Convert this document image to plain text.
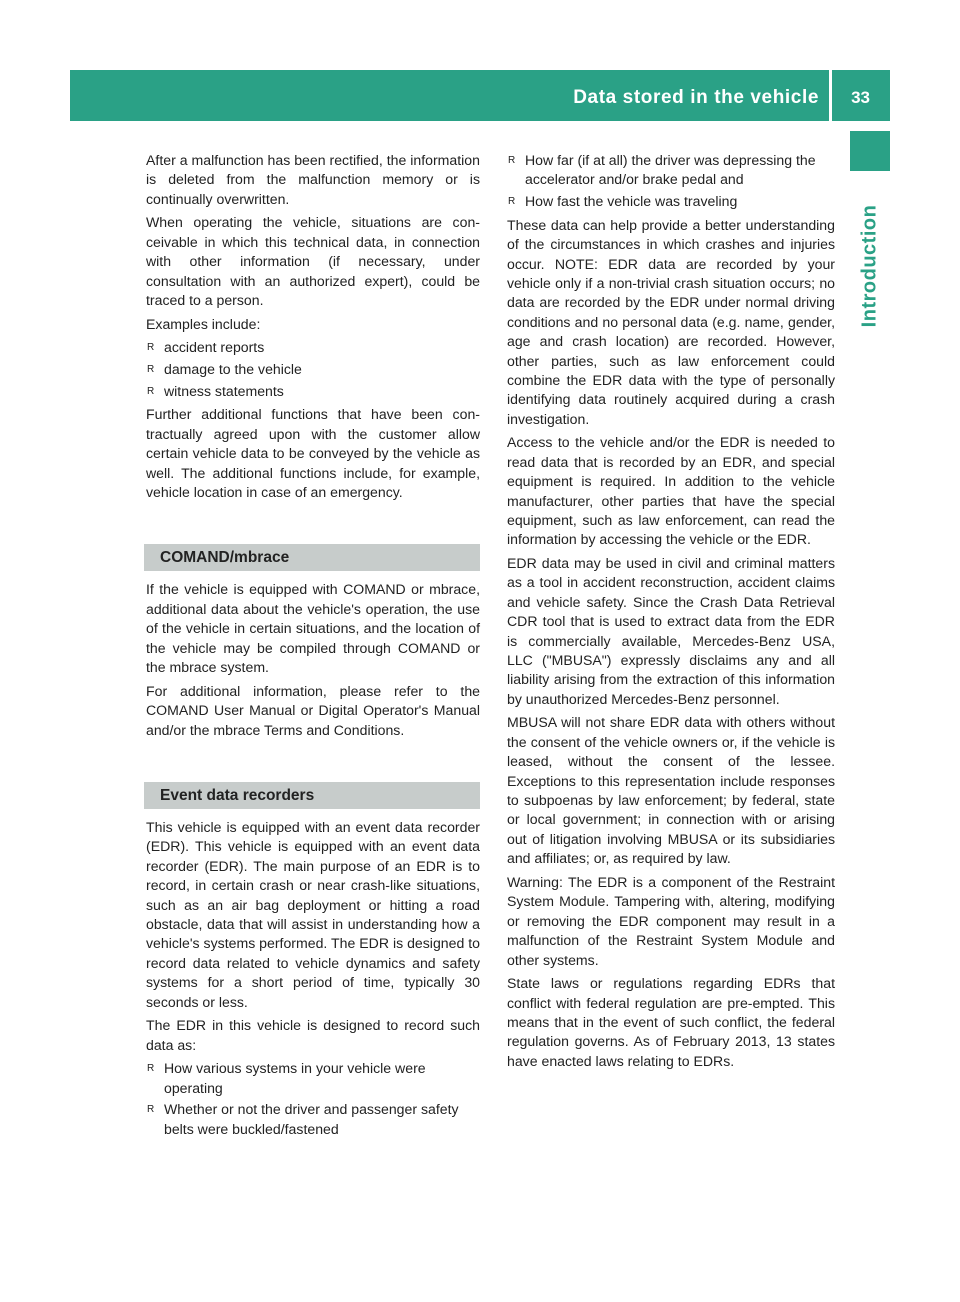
Data stored in the vehicle 33
Introduction

After a malfunction has been rectified, the information is deleted from the malfunction memory or is continually overwritten.

When operating the vehicle, situations are conceivable in which this technical data, in connection with other information (if necessary, under consultation with an authorized expert), could be traced to a person.

Examples include:

R accident reports
R damage to the vehicle
R witness statements

Further additional functions that have been contractually agreed upon with the customer allow certain vehicle data to be conveyed by the vehicle as well. The additional functions include, for example, vehicle location in case of an emergency.

COMAND/mbrace

If the vehicle is equipped with COMAND or mbrace, additional data about the vehicle's operation, the use of the vehicle in certain situations, and the location of the vehicle may be compiled through COMAND or the mbrace system.

For additional information, please refer to the COMAND User Manual or Digital Operator's Manual and/or the mbrace Terms and Conditions.

Event data recorders

This vehicle is equipped with an event data recorder (EDR). This vehicle is equipped with an event data recorder (EDR). The main purpose of an EDR is to record, in certain crash or near crash-like situations, such as an air bag deployment or hitting a road obstacle, data that will assist in understanding how a vehicle's systems performed. The EDR is designed to record data related to vehicle dynamics and safety systems for a short period of time, typically 30 seconds or less.

The EDR in this vehicle is designed to record such data as:

R How various systems in your vehicle were operating
R Whether or not the driver and passenger safety belts were buckled/fastened
R How far (if at all) the driver was depressing the accelerator and/or brake pedal and
R How fast the vehicle was traveling

These data can help provide a better understanding of the circumstances in which crashes and injuries occur. NOTE: EDR data are recorded by your vehicle only if a non-trivial crash situation occurs; no data are recorded by the EDR under normal driving conditions and no personal data (e.g. name, gender, age and crash location) are recorded. However, other parties, such as law enforcement could combine the EDR data with the type of personally identifying data routinely acquired during a crash investigation.

Access to the vehicle and/or the EDR is needed to read data that is recorded by an EDR, and special equipment is required. In addition to the vehicle manufacturer, other parties that have the special equipment, such as law enforcement, can read the information by accessing the vehicle or the EDR.

EDR data may be used in civil and criminal matters as a tool in accident reconstruction, accident claims and vehicle safety. Since the Crash Data Retrieval CDR tool that is used to extract data from the EDR is commercially available, Mercedes-Benz USA, LLC ("MBUSA") expressly disclaims any and all liability arising from the extraction of this information by unauthorized Mercedes-Benz personnel.

MBUSA will not share EDR data with others without the consent of the vehicle owners or, if the vehicle is leased, without the consent of the lessee. Exceptions to this representation include responses to subpoenas by law enforcement; by federal, state or local government; in connection with or arising out of litigation involving MBUSA or its subsidiaries and affiliates; or, as required by law.

Warning: The EDR is a component of the Restraint System Module. Tampering with, altering, modifying or removing the EDR component may result in a malfunction of the Restraint System Module and other systems.

State laws or regulations regarding EDRs that conflict with federal regulation are pre-empted. This means that in the event of such conflict, the federal regulation governs. As of February 2013, 13 states have enacted laws relating to EDRs.
